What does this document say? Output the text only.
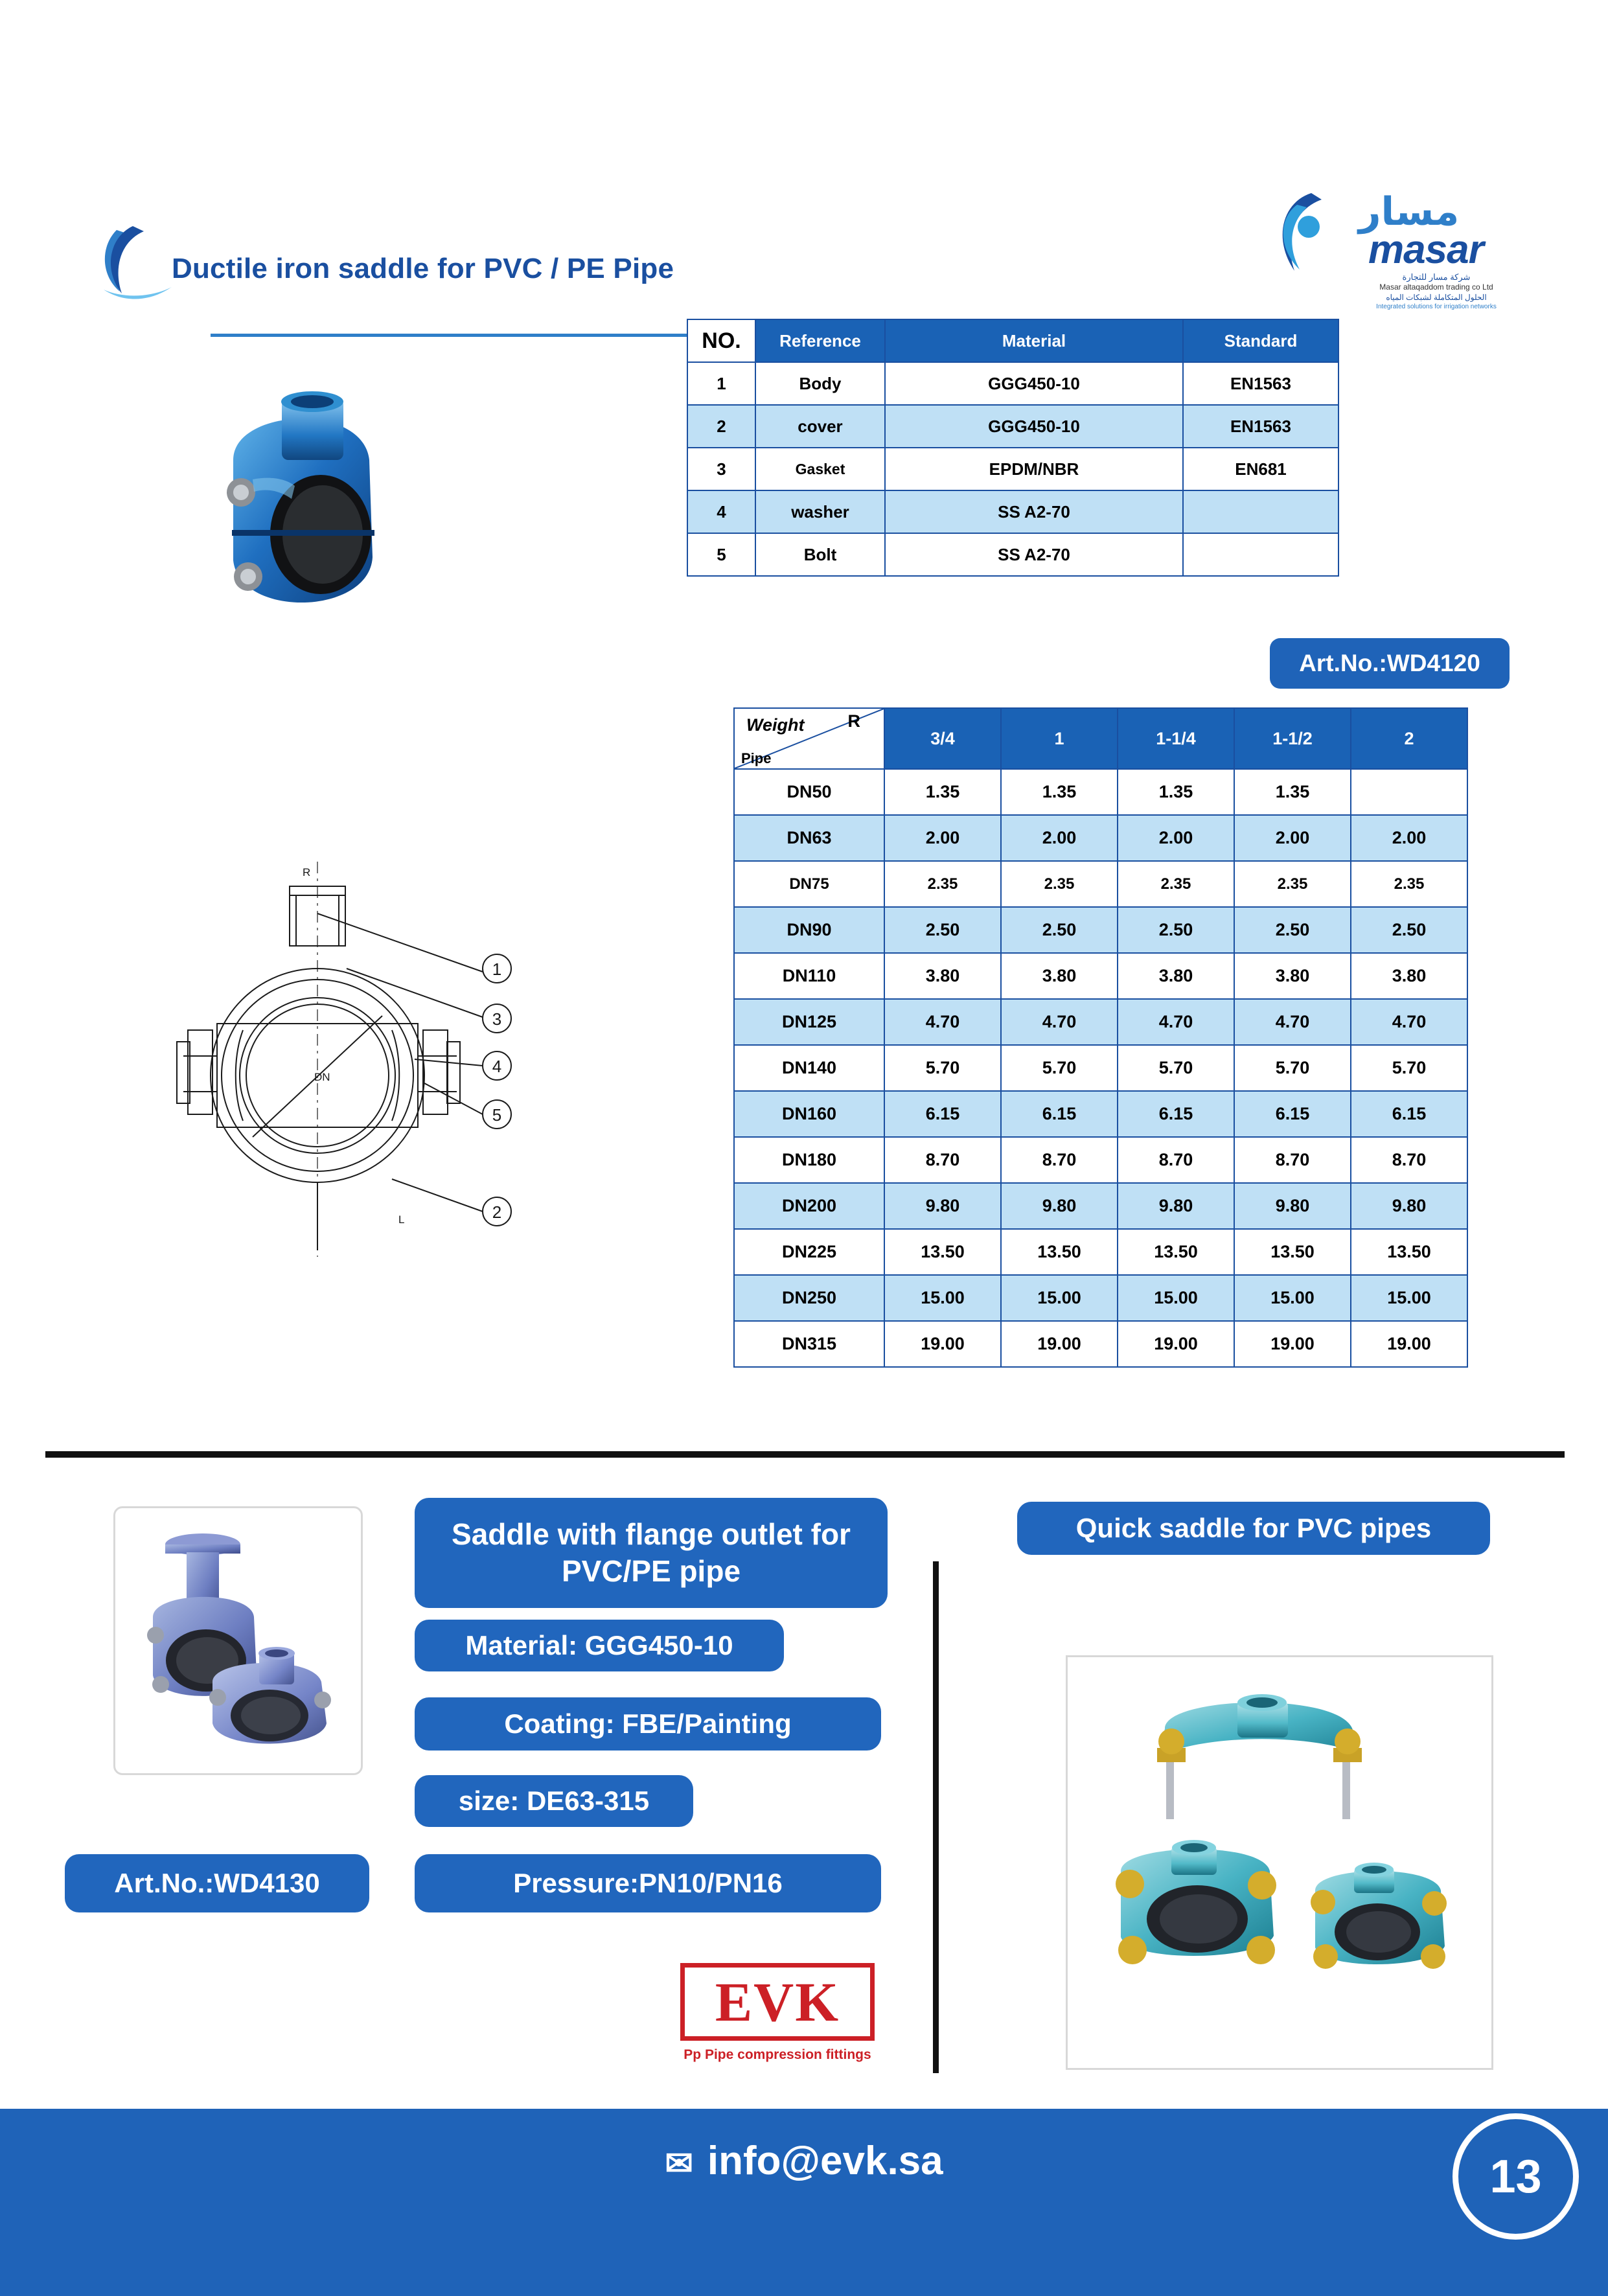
Ductile iron saddle for PVC / PE Pipe
مسار
masar
شركة مسار للتجارة
Masar altaqaddom trading co Ltd
الحلول المتكاملة لشبكات المياه
Integrated solutions for irrigation networks
NO.	Reference	Material	Standard
1	Body	GGG450-10	EN1563
2	cover	GGG450-10	EN1563
3	Gasket	EPDM/NBR	EN681
4	washer	SS A2-70	
5	Bolt	SS A2-70	
Art.No.:WD4120
Weight R
Pipe	3/4	1	1-1/4	1-1/2	2
DN50	1.35	1.35	1.35	1.35	
DN63	2.00	2.00	2.00	2.00	2.00
DN75	2.35	2.35	2.35	2.35	2.35
DN90	2.50	2.50	2.50	2.50	2.50
DN110	3.80	3.80	3.80	3.80	3.80
DN125	4.70	4.70	4.70	4.70	4.70
DN140	5.70	5.70	5.70	5.70	5.70
DN160	6.15	6.15	6.15	6.15	6.15
DN180	8.70	8.70	8.70	8.70	8.70
DN200	9.80	9.80	9.80	9.80	9.80
DN225	13.50	13.50	13.50	13.50	13.50
DN250	15.00	15.00	15.00	15.00	15.00
DN315	19.00	19.00	19.00	19.00	19.00
1
3
4
5
2
R
DN
L
Saddle with flange outlet for PVC/PE pipe
Material: GGG450-10
Coating: FBE/Painting
size: DE63-315
Pressure:PN10/PN16
Art.No.:WD4130
Quick saddle for PVC pipes
EVK
Pp Pipe compression fittings
✉ info@evk.sa	13
